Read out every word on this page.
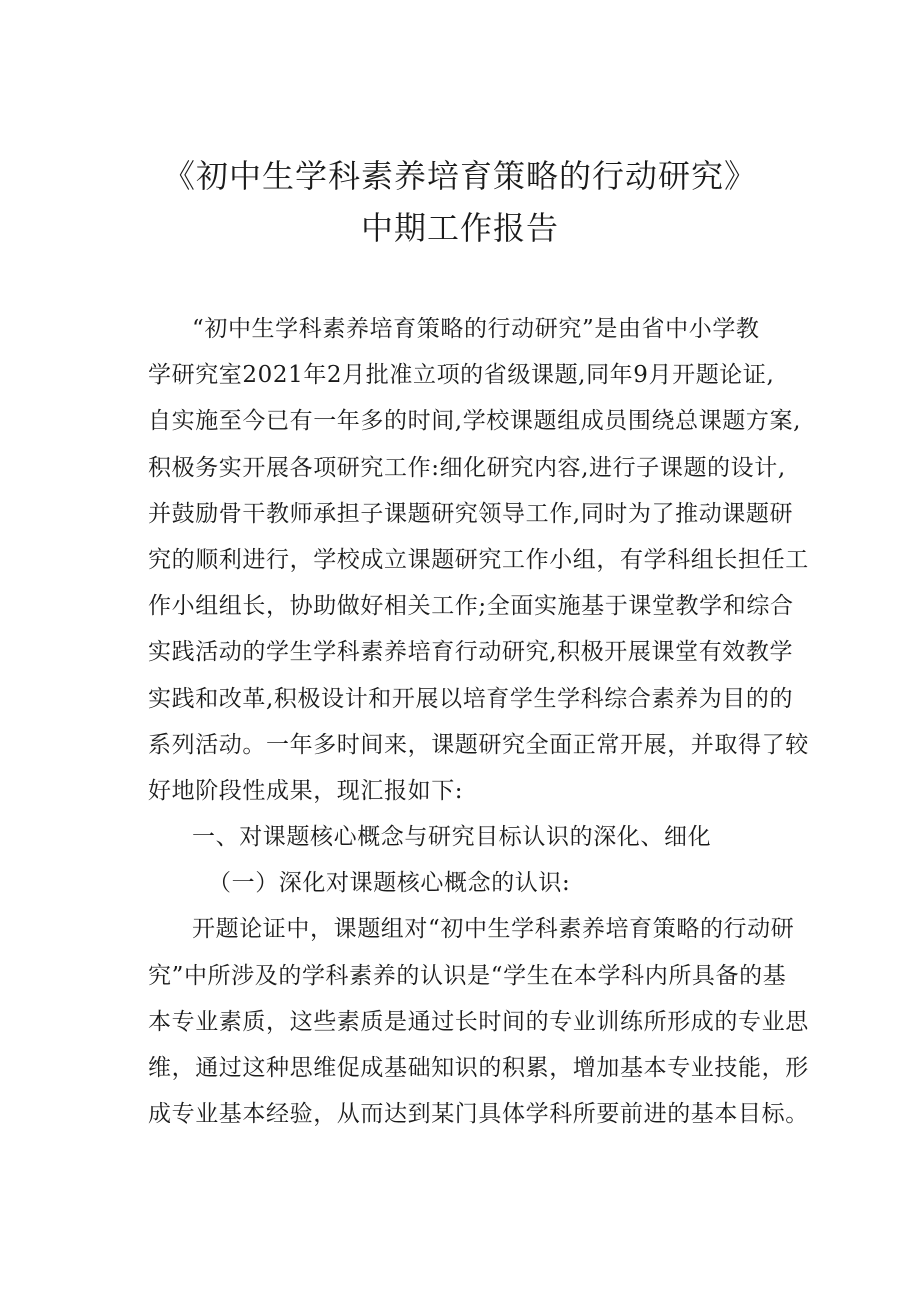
《初中生学科素养培育策略的行动研究》
中期工作报告
“初中生学科素养培育策略的行动研究”是由省中小学教
学研究室2021年2月批准立项的省级课题,同年9月开题论证,
自实施至今已有一年多的时间,学校课题组成员围绕总课题方案,
积极务实开展各项研究工作:细化研究内容,进行子课题的设计,
并鼓励骨干教师承担子课题研究领导工作,同时为了推动课题研
究的顺利进行，学校成立课题研究工作小组，有学科组长担任工
作小组组长，协助做好相关工作;全面实施基于课堂教学和综合
实践活动的学生学科素养培育行动研究,积极开展课堂有效教学
实践和改革,积极设计和开展以培育学生学科综合素养为目的的
系列活动。一年多时间来，课题研究全面正常开展，并取得了较
好地阶段性成果，现汇报如下:
一、对课题核心概念与研究目标认识的深化、细化
（一）深化对课题核心概念的认识:
开题论证中，课题组对“初中生学科素养培育策略的行动研
究”中所涉及的学科素养的认识是“学生在本学科内所具备的基
本专业素质，这些素质是通过长时间的专业训练所形成的专业思
维，通过这种思维促成基础知识的积累，增加基本专业技能，形
成专业基本经验，从而达到某门具体学科所要前进的基本目标。
